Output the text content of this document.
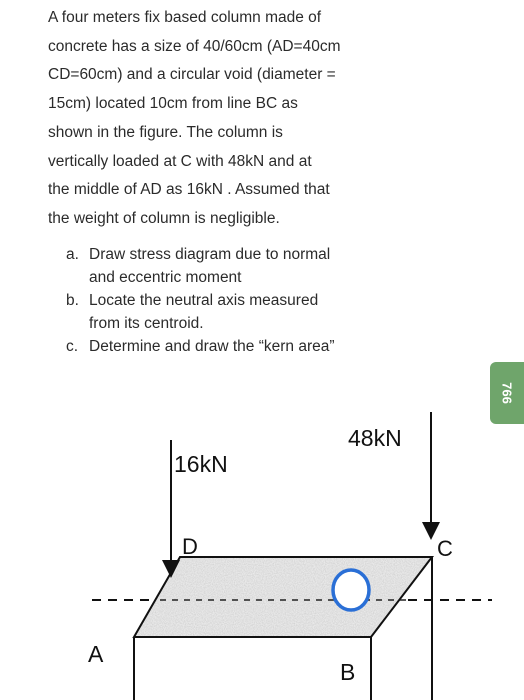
A four meters fix based column made of
concrete has a size of 40/60cm (AD=40cm
CD=60cm) and a circular void (diameter =
15cm) located 10cm from line BC as
shown in the figure. The column is
vertically loaded at C with 48kN and at
the middle of AD as 16kN . Assumed that
the weight of column is negligible.
a. Draw stress diagram due to normal
and eccentric moment
b. Locate the neutral axis measured
from its centroid.
c. Determine and draw the “kern area”
766
16kN
48kN
D	C
A
B
